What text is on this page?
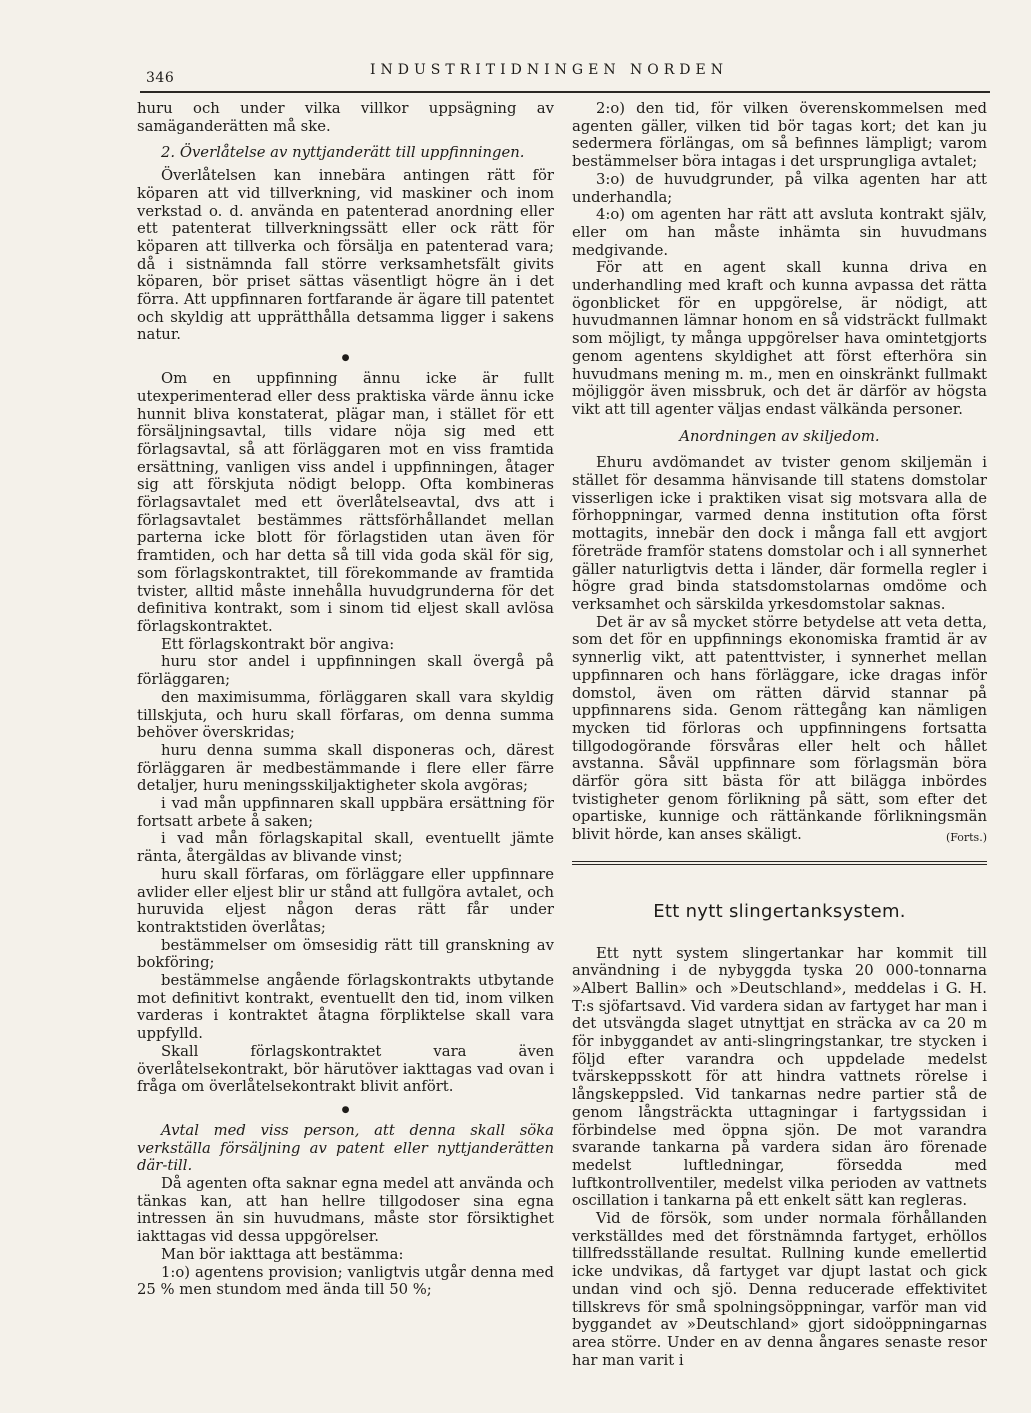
346	INDUSTRITIDNINGEN NORDEN

huru och under vilka villkor uppsägning av samäganderätten må ske.

2. Överlåtelse av nyttjanderätt till uppfinningen.

Överlåtelsen kan innebära antingen rätt för köparen att vid tillverkning, vid maskiner och inom verkstad o. d. använda en patenterad anordning eller ett patenterat tillverkningssätt eller ock rätt för köparen att tillverka och försälja en patenterad vara; då i sistnämnda fall större verksamhetsfält givits köparen, bör priset sättas väsentligt högre än i det förra. Att uppfinnaren fortfarande är ägare till patentet och skyldig att upprätthålla detsamma ligger i sakens natur.

●

Om en uppfinning ännu icke är fullt utexperimenterad eller dess praktiska värde ännu icke hunnit bliva konstaterat, plägar man, i stället för ett försäljningsavtal, tills vidare nöja sig med ett förlagsavtal, så att förläggaren mot en viss framtida ersättning, vanligen viss andel i uppfinningen, åtager sig att förskjuta nödigt belopp. Ofta kombineras förlagsavtalet med ett överlåtelseavtal, dvs att i förlagsavtalet bestämmes rättsförhållandet mellan parterna icke blott för förlagstiden utan även för framtiden, och har detta så till vida goda skäl för sig, som förlagskontraktet, till förekommande av framtida tvister, alltid måste innehålla huvudgrunderna för det definitiva kontrakt, som i sinom tid eljest skall avlösa förlagskontraktet.

Ett förlagskontrakt bör angiva:

huru stor andel i uppfinningen skall övergå på förläggaren;

den maximisumma, förläggaren skall vara skyldig tillskjuta, och huru skall förfaras, om denna summa behöver överskridas;

huru denna summa skall disponeras och, därest förläggaren är medbestämmande i flere eller färre detaljer, huru meningsskiljaktigheter skola avgöras;

i vad mån uppfinnaren skall uppbära ersättning för fortsatt arbete å saken;

i vad mån förlagskapital skall, eventuellt jämte ränta, återgäldas av blivande vinst;

huru skall förfaras, om förläggare eller uppfinnare avlider eller eljest blir ur stånd att fullgöra avtalet, och huruvida eljest någon deras rätt får under kontraktstiden överlåtas;

bestämmelser om ömsesidig rätt till granskning av bokföring;

bestämmelse angående förlagskontrakts utbytande mot definitivt kontrakt, eventuellt den tid, inom vilken varderas i kontraktet åtagna förpliktelse skall vara uppfylld.

Skall förlagskontraktet vara även överlåtelsekontrakt, bör härutöver iakttagas vad ovan i fråga om överlåtelsekontrakt blivit anfört.

●

Avtal med viss person, att denna skall söka verkställa försäljning av patent eller nyttjanderätten där-till.

Då agenten ofta saknar egna medel att använda och tänkas kan, att han hellre tillgodoser sina egna intressen än sin huvudmans, måste stor försiktighet iakttagas vid dessa uppgörelser.

Man bör iakttaga att bestämma:

1:o) agentens provision; vanligtvis utgår denna med 25 % men stundom med ända till 50 %;

2:o) den tid, för vilken överenskommelsen med agenten gäller, vilken tid bör tagas kort; det kan ju sedermera förlängas, om så befinnes lämpligt; varom bestämmelser böra intagas i det ursprungliga avtalet;

3:o) de huvudgrunder, på vilka agenten har att underhandla;

4:o) om agenten har rätt att avsluta kontrakt själv, eller om han måste inhämta sin huvudmans medgivande.

För att en agent skall kunna driva en underhandling med kraft och kunna avpassa det rätta ögonblicket för en uppgörelse, är nödigt, att huvudmannen lämnar honom en så vidsträckt fullmakt som möjligt, ty många uppgörelser hava omintetgjorts genom agentens skyldighet att först efterhöra sin huvudmans mening m. m., men en oinskränkt fullmakt möjliggör även missbruk, och det är därför av högsta vikt att till agenter väljas endast välkända personer.

Anordningen av skiljedom.

Ehuru avdömandet av tvister genom skiljemän i stället för desamma hänvisande till statens domstolar visserligen icke i praktiken visat sig motsvara alla de förhoppningar, varmed denna institution ofta först mottagits, innebär den dock i många fall ett avgjort företräde framför statens domstolar och i all synnerhet gäller naturligtvis detta i länder, där formella regler i högre grad binda statsdomstolarnas omdöme och verksamhet och särskilda yrkesdomstolar saknas.

Det är av så mycket större betydelse att veta detta, som det för en uppfinnings ekonomiska framtid är av synnerlig vikt, att patenttvister, i synnerhet mellan uppfinnaren och hans förläggare, icke dragas inför domstol, även om rätten därvid stannar på uppfinnarens sida. Genom rättegång kan nämligen mycken tid förloras och uppfinningens fortsatta tillgodogörande försvåras eller helt och hållet avstanna. Såväl uppfinnare som förlagsmän böra därför göra sitt bästa för att bilägga inbördes tvistigheter genom förlikning på sätt, som efter det opartiske, kunnige och rättänkande förlikningsmän blivit hörde, kan anses skäligt.	(Forts.)

Ett nytt slingertanksystem.

Ett nytt system slingertankar har kommit till användning i de nybyggda tyska 20 000-tonnarna »Albert Ballin» och »Deutschland», meddelas i G. H. T:s sjöfartsavd. Vid vardera sidan av fartyget har man i det utsvängda slaget utnyttjat en sträcka av ca 20 m för inbyggandet av anti-slingringstankar, tre stycken i följd efter varandra och uppdelade medelst tvärskeppsskott för att hindra vattnets rörelse i långskeppsled. Vid tankarnas nedre partier stå de genom långsträckta uttagningar i fartygssidan i förbindelse med öppna sjön. De mot varandra svarande tankarna på vardera sidan äro förenade medelst luftledningar, försedda med luftkontrollventiler, medelst vilka perioden av vattnets oscillation i tankarna på ett enkelt sätt kan regleras.

Vid de försök, som under normala förhållanden verkställdes med det förstnämnda fartyget, erhöllos tillfredsställande resultat. Rullning kunde emellertid icke undvikas, då fartyget var djupt lastat och gick undan vind och sjö. Denna reducerade effektivitet tillskrevs för små spolningsöppningar, varför man vid byggandet av »Deutschland» gjort sidoöppningarnas area större. Under en av denna ångares senaste resor har man varit i
